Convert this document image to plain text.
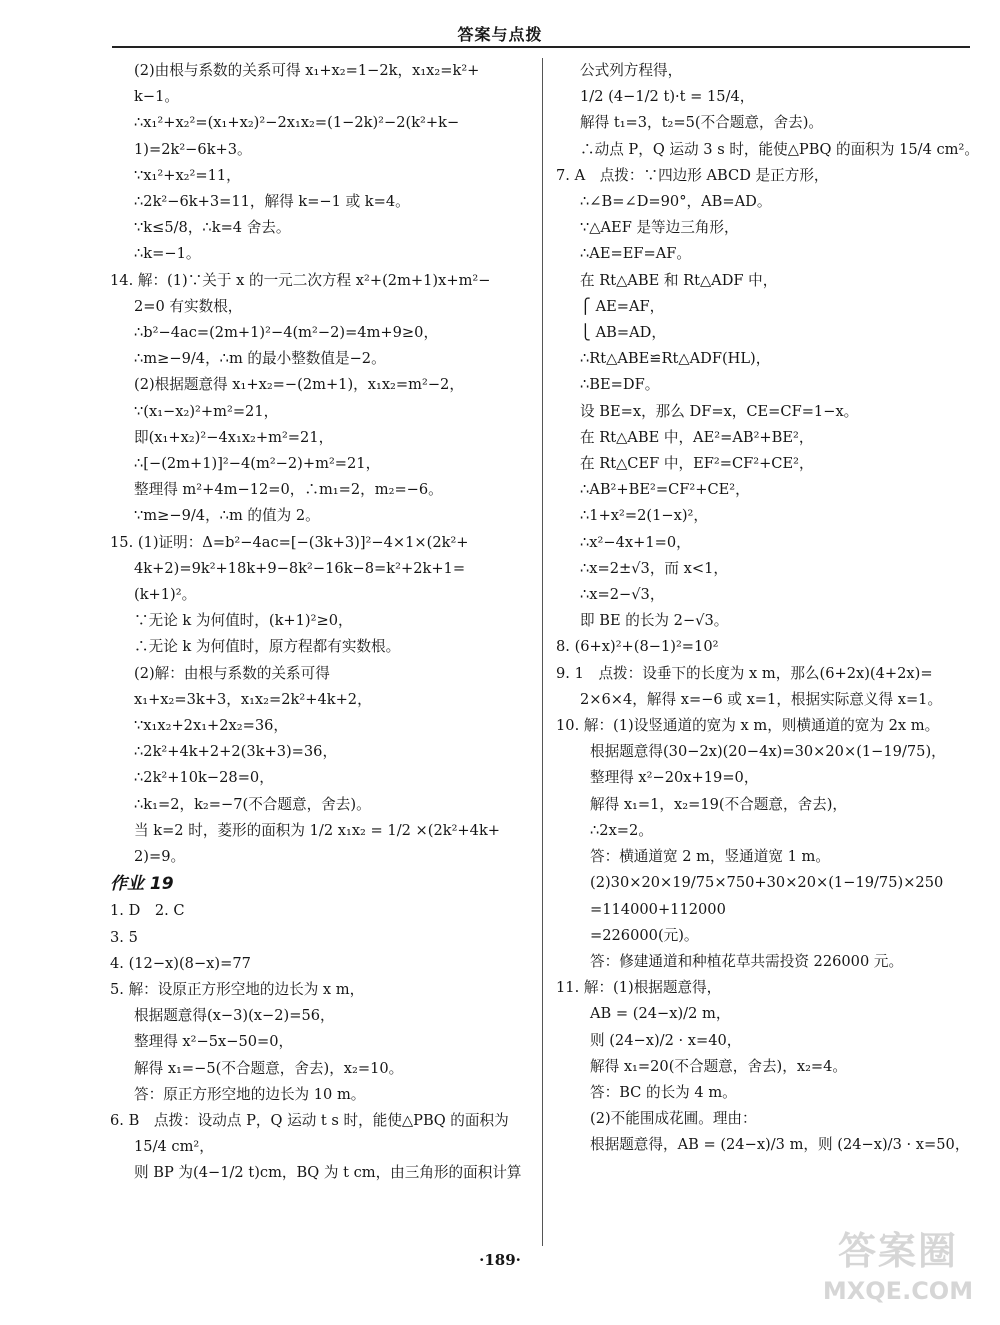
答案与点拨
(2)由根与系数的关系可得 x₁+x₂=1−2k，x₁x₂=k²+
k−1。
∴x₁²+x₂²=(x₁+x₂)²−2x₁x₂=(1−2k)²−2(k²+k−
1)=2k²−6k+3。
∵x₁²+x₂²=11，
∴2k²−6k+3=11，解得 k=−1 或 k=4。
∵k≤5/8，∴k=4 舍去。
∴k=−1。
14. 解：(1)∵关于 x 的一元二次方程 x²+(2m+1)x+m²−
2=0 有实数根，
∴b²−4ac=(2m+1)²−4(m²−2)=4m+9≥0，
∴m≥−9/4，∴m 的最小整数值是−2。
(2)根据题意得 x₁+x₂=−(2m+1)，x₁x₂=m²−2，
∵(x₁−x₂)²+m²=21，
即(x₁+x₂)²−4x₁x₂+m²=21，
∴[−(2m+1)]²−4(m²−2)+m²=21，
整理得 m²+4m−12=0，∴m₁=2，m₂=−6。
∵m≥−9/4，∴m 的值为 2。
15. (1)证明：Δ=b²−4ac=[−(3k+3)]²−4×1×(2k²+
4k+2)=9k²+18k+9−8k²−16k−8=k²+2k+1=
(k+1)²。
∵无论 k 为何值时，(k+1)²≥0，
∴无论 k 为何值时，原方程都有实数根。
(2)解：由根与系数的关系可得
x₁+x₂=3k+3，x₁x₂=2k²+4k+2，
∵x₁x₂+2x₁+2x₂=36，
∴2k²+4k+2+2(3k+3)=36，
∴2k²+10k−28=0，
∴k₁=2，k₂=−7(不合题意，舍去)。
当 k=2 时，菱形的面积为 1/2 x₁x₂ = 1/2 ×(2k²+4k+
2)=9。
作业 19
1. D　2. C
3. 5
4. (12−x)(8−x)=77
5. 解：设原正方形空地的边长为 x m，
根据题意得(x−3)(x−2)=56，
整理得 x²−5x−50=0，
解得 x₁=−5(不合题意，舍去)，x₂=10。
答：原正方形空地的边长为 10 m。
6. B　点拨：设动点 P，Q 运动 t s 时，能使△PBQ 的面积为
15/4 cm²，
则 BP 为(4−1/2 t)cm，BQ 为 t cm，由三角形的面积计算
公式列方程得，
1/2 (4−1/2 t)·t = 15/4，
解得 t₁=3，t₂=5(不合题意，舍去)。
∴动点 P，Q 运动 3 s 时，能使△PBQ 的面积为 15/4 cm²。
7. A　点拨：∵四边形 ABCD 是正方形，
∴∠B=∠D=90°，AB=AD。
∵△AEF 是等边三角形，
∴AE=EF=AF。
在 Rt△ABE 和 Rt△ADF 中，
⎧ AE=AF，
⎩ AB=AD，
∴Rt△ABE≌Rt△ADF(HL)，
∴BE=DF。
设 BE=x，那么 DF=x，CE=CF=1−x。
在 Rt△ABE 中，AE²=AB²+BE²，
在 Rt△CEF 中，EF²=CF²+CE²，
∴AB²+BE²=CF²+CE²，
∴1+x²=2(1−x)²，
∴x²−4x+1=0，
∴x=2±√3，而 x<1，
∴x=2−√3，
即 BE 的长为 2−√3。
8. (6+x)²+(8−1)²=10²
9. 1　点拨：设垂下的长度为 x m，那么(6+2x)(4+2x)=
2×6×4，解得 x=−6 或 x=1，根据实际意义得 x=1。
10. 解：(1)设竖通道的宽为 x m，则横通道的宽为 2x m。
根据题意得(30−2x)(20−4x)=30×20×(1−19/75)，
整理得 x²−20x+19=0，
解得 x₁=1，x₂=19(不合题意，舍去)，
∴2x=2。
答：横通道宽 2 m，竖通道宽 1 m。
(2)30×20×19/75×750+30×20×(1−19/75)×250
=114000+112000
=226000(元)。
答：修建通道和种植花草共需投资 226000 元。
11. 解：(1)根据题意得，
AB = (24−x)/2 m，
则 (24−x)/2 · x=40，
解得 x₁=20(不合题意，舍去)，x₂=4。
答：BC 的长为 4 m。
(2)不能围成花圃。理由：
根据题意得，AB = (24−x)/3 m，则 (24−x)/3 · x=50，
·189·	答案圈
MXQE.COM
